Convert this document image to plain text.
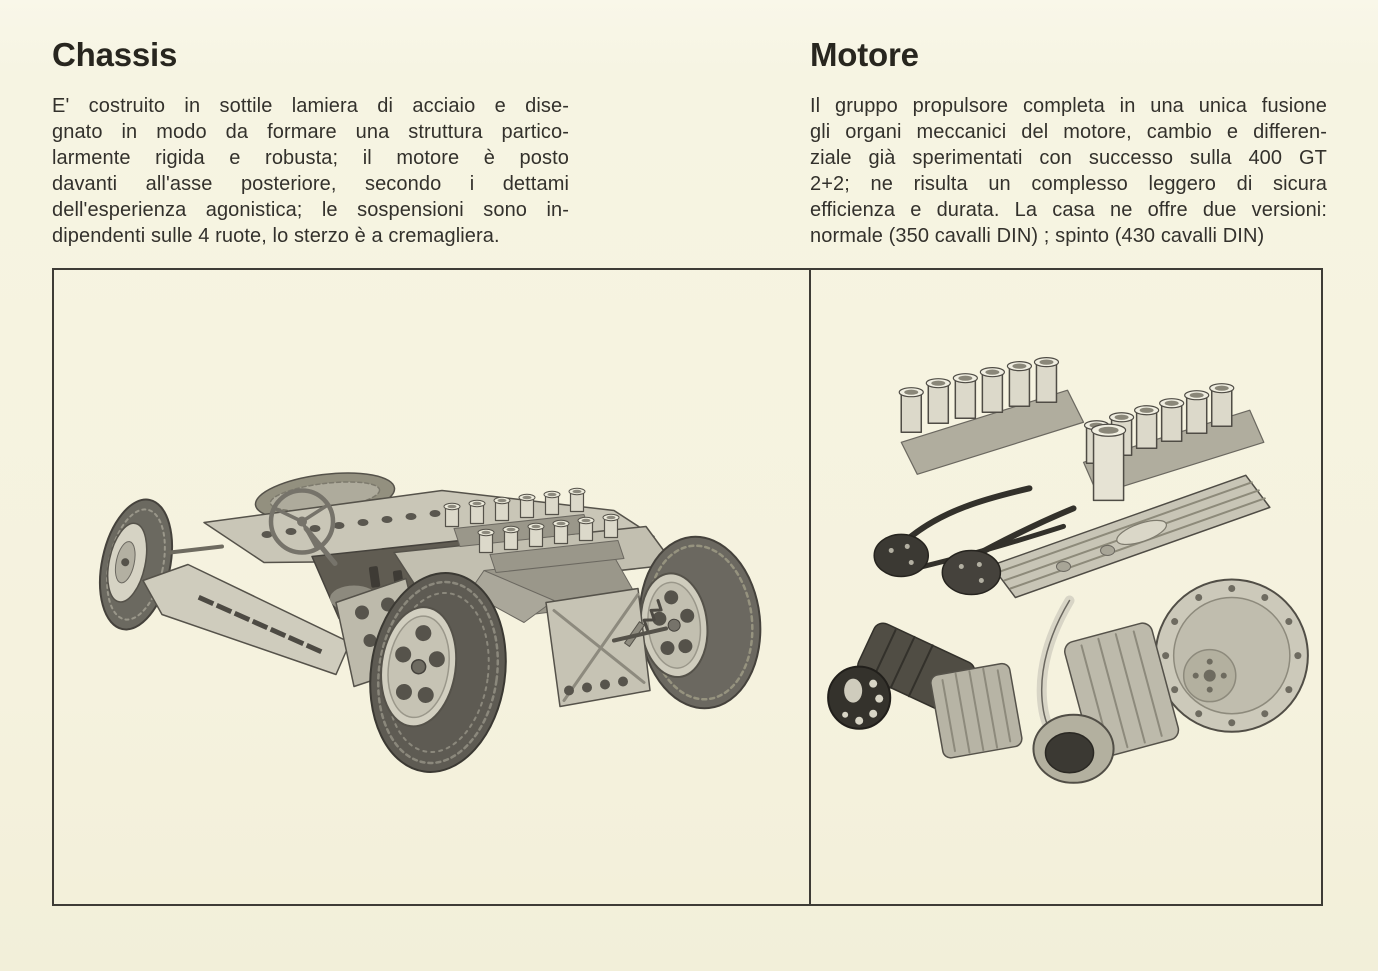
Chassis
E' costruito in sottile lamiera di acciaio e dise-
gnato in modo da formare una struttura partico-
larmente rigida e robusta; il motore è posto
davanti all'asse posteriore, secondo i dettami
dell'esperienza agonistica; le sospensioni sono in-
dipendenti sulle 4 ruote, lo sterzo è a cremagliera.
Motore
Il gruppo propulsore completa in una unica fusione
gli organi meccanici del motore, cambio e differen-
ziale già sperimentati con successo sulla 400 GT
2+2; ne risulta un complesso leggero di sicura
efficienza e durata. La casa ne offre due versioni:
normale (350 cavalli DIN) ; spinto (430 cavalli DIN)
